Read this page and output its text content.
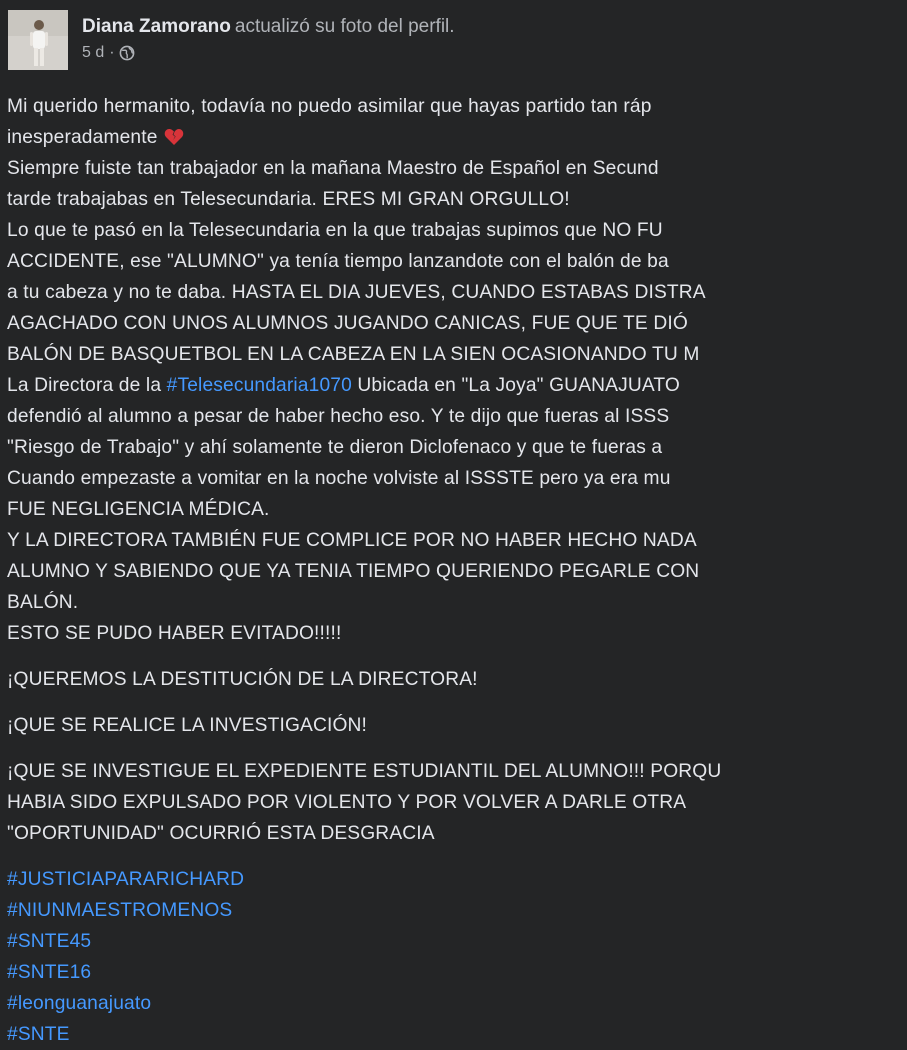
Diana Zamorano actualizó su foto del perfil.
5 d ·
Mi querido hermanito, todavía no puedo asimilar que hayas partido tan ráp
inesperadamente
Siempre fuiste tan trabajador en la mañana Maestro de Español en Secund
tarde trabajabas en Telesecundaria. ERES MI GRAN ORGULLO!
Lo que te pasó en la Telesecundaria en la que trabajas supimos que NO FU
ACCIDENTE, ese "ALUMNO" ya tenía tiempo lanzandote con el balón de ba
a tu cabeza y no te daba. HASTA EL DIA JUEVES, CUANDO ESTABAS DISTRA
AGACHADO CON UNOS ALUMNOS JUGANDO CANICAS, FUE QUE TE DIÓ
BALÓN DE BASQUETBOL EN LA CABEZA EN LA SIEN OCASIONANDO TU M
La Directora de la #Telesecundaria1070 Ubicada en "La Joya" GUANAJUATO
defendió al alumno a pesar de haber hecho eso. Y te dijo que fueras al ISSS
"Riesgo de Trabajo" y ahí solamente te dieron Diclofenaco y que te fueras a
Cuando empezaste a vomitar en la noche volviste al ISSSTE pero ya era mu
FUE NEGLIGENCIA MÉDICA.
Y LA DIRECTORA TAMBIÉN FUE COMPLICE POR NO HABER HECHO NADA
ALUMNO Y SABIENDO QUE YA TENIA TIEMPO QUERIENDO PEGARLE CON
BALÓN.
ESTO SE PUDO HABER EVITADO!!!!!
¡QUEREMOS LA DESTITUCIÓN DE LA DIRECTORA!
¡QUE SE REALICE LA INVESTIGACIÓN!
¡QUE SE INVESTIGUE EL EXPEDIENTE ESTUDIANTIL DEL ALUMNO!!! PORQU
HABIA SIDO EXPULSADO POR VIOLENTO Y POR VOLVER A DARLE OTRA
"OPORTUNIDAD" OCURRIÓ ESTA DESGRACIA
#JUSTICIAPARARICHARD
#NIUNMAESTROMENOS
#SNTE45
#SNTE16
#leonguanajuato
#SNTE
